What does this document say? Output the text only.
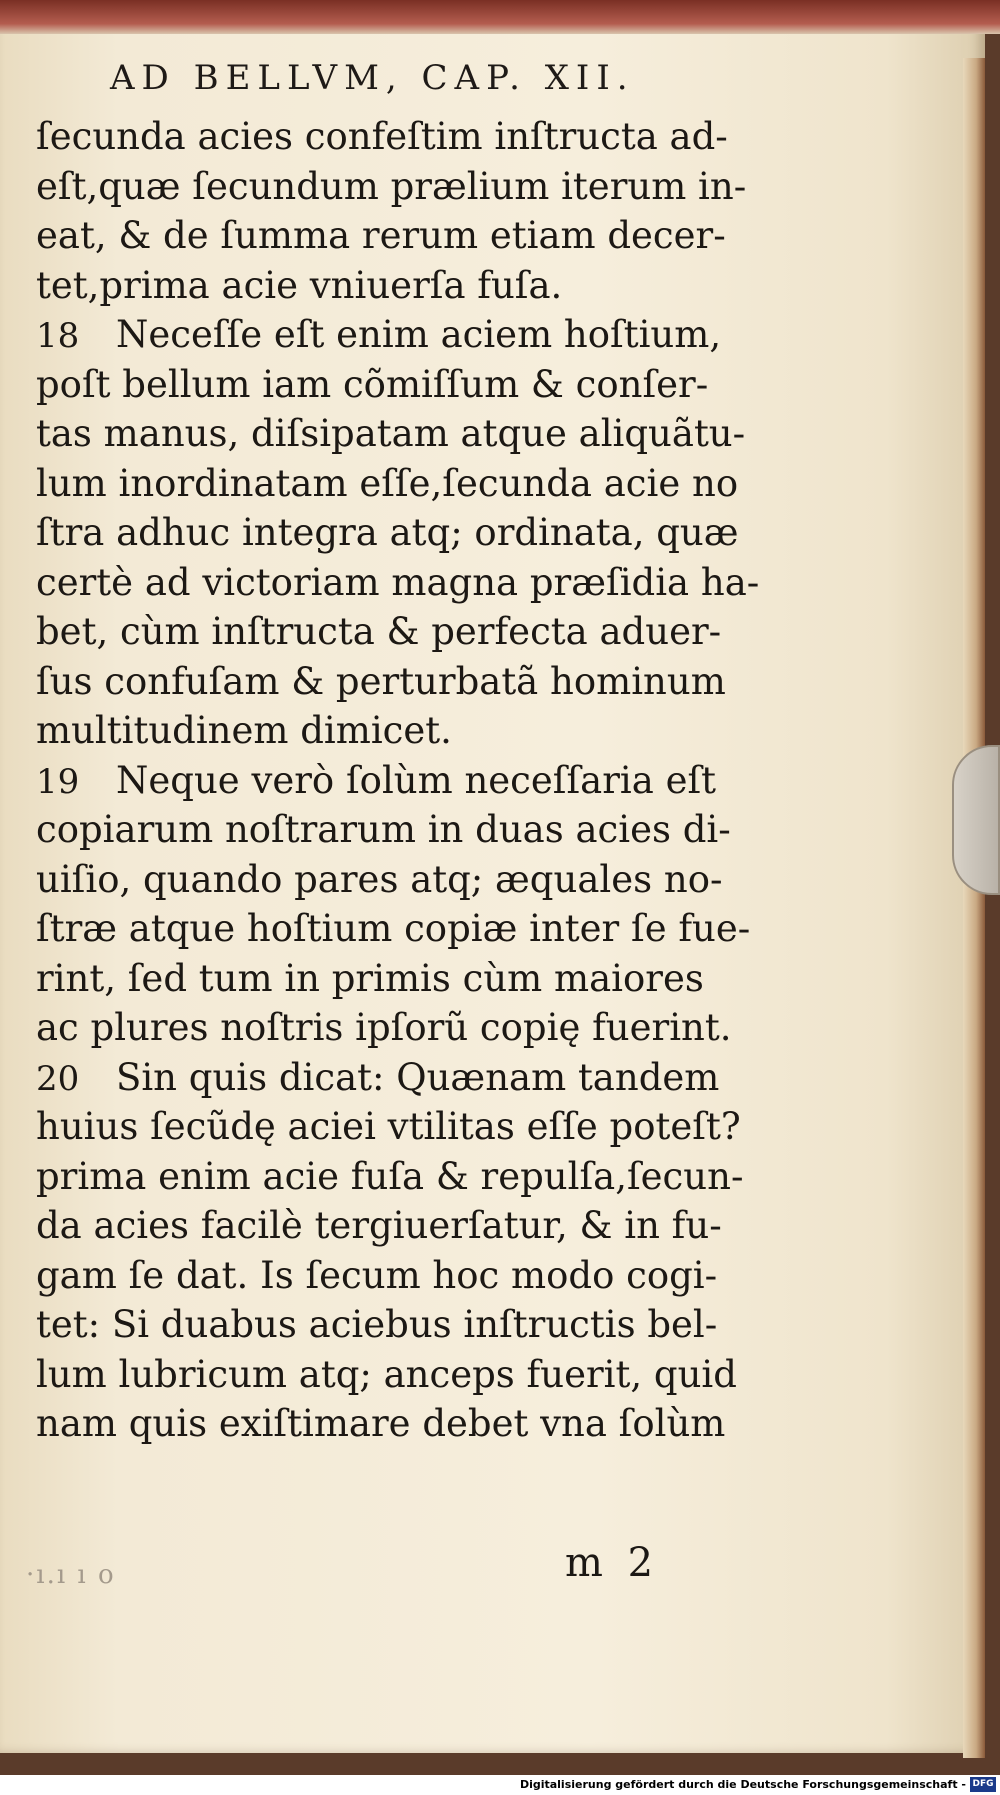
AD BELLVM, CAP. XII.
ſecunda acies confeſtim inſtructa ad-
eſt,quæ ſecundum prælium iterum in-
eat, & de ſumma rerum etiam decer-
tet,prima acie vniuerſa fuſa.
18 Neceſſe eſt enim aciem hoſtium,
poſt bellum iam cõmiſſum & conſer-
tas manus, diſsipatam atque aliquãtu-
lum inordinatam eſſe,ſecunda acie no
ſtra adhuc integra atq; ordinata, quæ
certè ad victoriam magna præſidia ha-
bet, cùm inſtructa & perfecta aduer-
ſus confuſam & perturbatã hominum
multitudinem dimicet.
19 Neque verò ſolùm neceſſaria eſt
copiarum noſtrarum in duas acies di-
uiſio, quando pares atq; æquales no-
ſtræ atque hoſtium copiæ inter ſe fue-
rint, ſed tum in primis cùm maiores
ac plures noſtris ipſorũ copię fuerint.
20 Sin quis dicat: Quænam tandem
huius ſecũdę aciei vtilitas eſſe poteſt?
prima enim acie fuſa & repulſa,ſecun-
da acies facilè tergiuerſatur, & in fu-
gam ſe dat. Is ſecum hoc modo cogi-
tet: Si duabus aciebus inſtructis bel-
lum lubricum atq; anceps fuerit, quid
nam quis exiſtimare debet vna ſolùm
·ı.ı ı o	m 2
Digitalisierung gefördert durch die Deutsche Forschungsgemeinschaft - DFG
